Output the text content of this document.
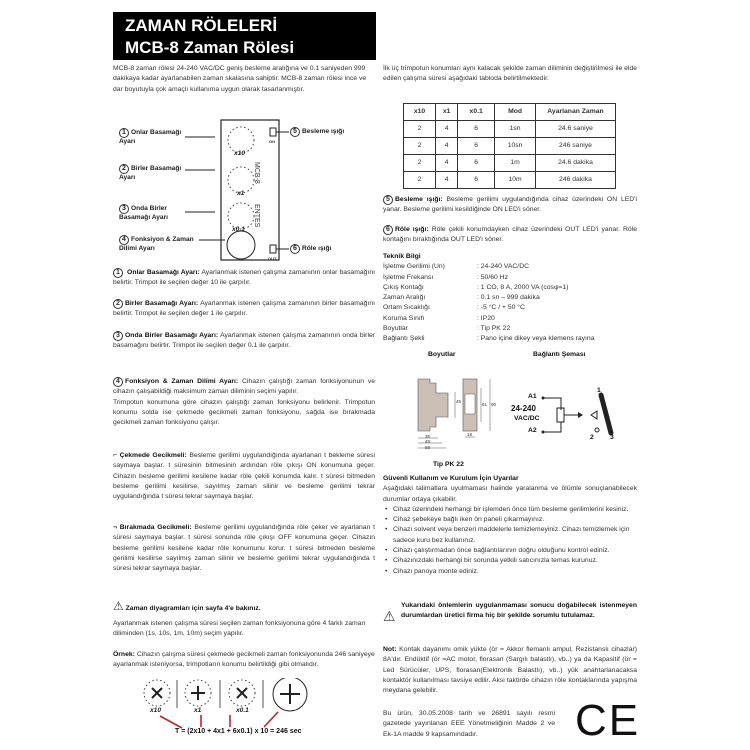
ZAMAN RÖLELERİ
MCB-8 Zaman Rölesi

MCB-8 zaman rölesi 24-240 VAC/DC geniş besleme aralığına ve 0.1 saniyeden 999 dakikaya kadar ayarlanabilen zaman skalasına sahiptir. MCB-8 zaman rölesi ince ve dar boyutuyla çok amaçlı kullanıma uygun olarak tasarlanmıştır.

x10
x1
x0.1
ON
OUT
MCB-8
ENTES
1 Onlar Basamağı Ayarı
2 Birler Basamağı Ayarı
3 Onda Birler Basamağı Ayarı
4 Fonksiyon & Zaman Dilimi Ayarı
5 Besleme ışığı
6 Röle ışığı
1 Onlar Basamağı Ayarı: Ayarlanmak istenen çalışma zamanının onlar basamağını belirtir. Trimpot ile seçilen değer 10 ile çarpılır.
2 Birler Basamağı Ayarı: Ayarlanmak istenen çalışma zamanının birler basamağını belirtir. Trimpot ile seçilen değer 1 ile çarpılır.
3 Onda Birler Basamağı Ayarı: Ayarlanmak istenen çalışma zamanının onda birler basamağını belirtir. Trimpot ile seçilen değer 0.1 ile çarpılır.
4 Fonksiyon & Zaman Dilimi Ayarı: Cihazın çalıştığı zaman fonksiyonunun ve cihazın çalışabildiği maksimum zaman diliminin seçimi yapılır.
Trimpotun konumuna göre cihazın çalıştığı zaman fonksiyonu belirlenir. Trimpotun konumu solda ise çekmede gecikmeli zaman fonksiyonu, sağda ise bırakmada gecikmeli zaman fonksiyonu çalışır.
⌐ Çekmede Gecikmeli: Besleme gerilimi uygulandığında ayarlanan t bekleme süresi saymaya başlar. t süresinin bitmesinin ardından röle çıkışı ON konumuna geçer. Cihazın besleme gerilimi kesilene kadar röle çekili konumda kalır. t süresi bitmeden besleme gerilimi kesilirse, sayılmış zaman silinir ve besleme gerilimi tekrar uygulandığında t süresi tekrar saymaya başlar.
¬ Bırakmada Gecikmeli: Besleme gerilimi uygulandığında röle çeker ve ayarlanan t süresi saymaya başlar. t süresi sonunda röle çıkışı OFF konumuna geçer. Cihazın besleme gerilimi kesilene kadar röle konumunu korur. t süresi bitmeden besleme gerilimi kesilirse sayılmış zaman silinir ve besleme gerilimi tekrar uygulandığında t süresi tekrar saymaya başlar.
⚠ Zaman diyagramları için sayfa 4'e bakınız.

Ayarlanmak istenen çalışma süresi seçilen zaman fonksiyonuna göre 4 farklı zaman diliminden (1s, 10s, 1m, 10m) seçim yapılır.

Örnek: Cihazın çalışma süresi çekmede gecikmeli zaman fonksiyonunda 246 saniyeye ayarlanmak isteniyorsa, trimpotların konumu belirtildiği gibi olmalıdır.
x10	x1	x0.1
T = (2x10 + 4x1 + 6x0.1) x 10 = 246 sec

İlk üç trimpotun konumları aynı kalacak şekilde zaman diliminin değiştirilmesi ile elde edilen çalışma süresi aşağıdaki tabloda belirtilmektedir.

x10	x1	x0.1	Mod	Ayarlanan Zaman
2	4	6	1sn	24.6 saniye
2	4	6	10sn	246 saniye
2	4	6	1m	24.6 dakika
2	4	6	10m	246 dakika
5 Besleme ışığı: Besleme gerilimi uygulandığında cihaz üzerindeki ON LED'i yanar. Besleme gerilimi kesildiğinde ON LED'i söner.
6 Röle ışığı: Röle çekili konumdayken cihaz üzerindeki OUT LED'i yanar. Röle kontağını bıraktığında OUT LED'i söner.
Teknik Bilgi
İşletme Gerilimi (Un)	: 24-240 VAC/DC
İşletme Frekansı	: 50/60 Hz
Çıkış Kontağı	: 1 CO, 8 A, 2000 VA (cosφ=1)
Zaman Aralığı	: 0.1 sn – 999 dakika
Ortam Sıcaklığı	: -5 °C / + 50 °C
Koruma Sınıfı	: IP20
Boyutlar	: Tip PK 22
Bağlantı Şekli	: Pano içine dikey veya klemens rayına
Boyutlar	Bağlantı Şeması
45
61 90
18
35
48
58
A1
A2
24-240
VAC/DC
1
2 3
Tip PK 22
Güvenli Kullanım ve Kurulum İçin Uyarılar

Aşağıdaki talimatlara uyulmaması halinde yaralanma ve ölümle sonuçlanabilecek durumlar ortaya çıkabilir.

• Cihaz üzerindeki herhangi bir işlemden önce tüm besleme gerilimlerini kesiniz.
• Cihaz şebekeye bağlı iken ön paneli çıkarmayınız.
• Cihazı solvent veya benzeri maddelerle temizlemeyiniz. Cihazı temizlemek için sadece kuru bez kullanınız.
• Cihazı çalıştırmadan önce bağlantılarının doğru olduğunu kontrol ediniz.
• Cihazınızdaki herhangi bir sorunda yetkili satıcınızla temas kurunuz.
• Cihazı panoya monte ediniz.
⚠
Yukarıdaki önlemlerin uygulanmaması sonucu doğabilecek istenmeyen durumlardan üretici firma hiç bir şekilde sorumlu tutulamaz.
Not: Kontak dayanımı omik yükte (ör = Akkor flemanlı ampul, Rezistanslı cihazlar) 8A'dır. Endüktif (ör =AC motor, florasan (Sargılı balastlı), vb..) ya da Kapasitif (ör = Led Sürücüler, UPS, florasan(Elektronik Balastlı), vb..) yük anahtarlanacaksa kontaktör kullanılması tavsiye edilir. Aksi taktirde cihazın röle kontaklarında yapışma meydana gelebilir.

Bu ürün, 30.05.2008 tarih ve 26891 sayılı resmi gazetede yayınlanan EEE Yönetmeliğinin Madde 2 ve Ek-1A madde 9 kapsamındadır.	CE
